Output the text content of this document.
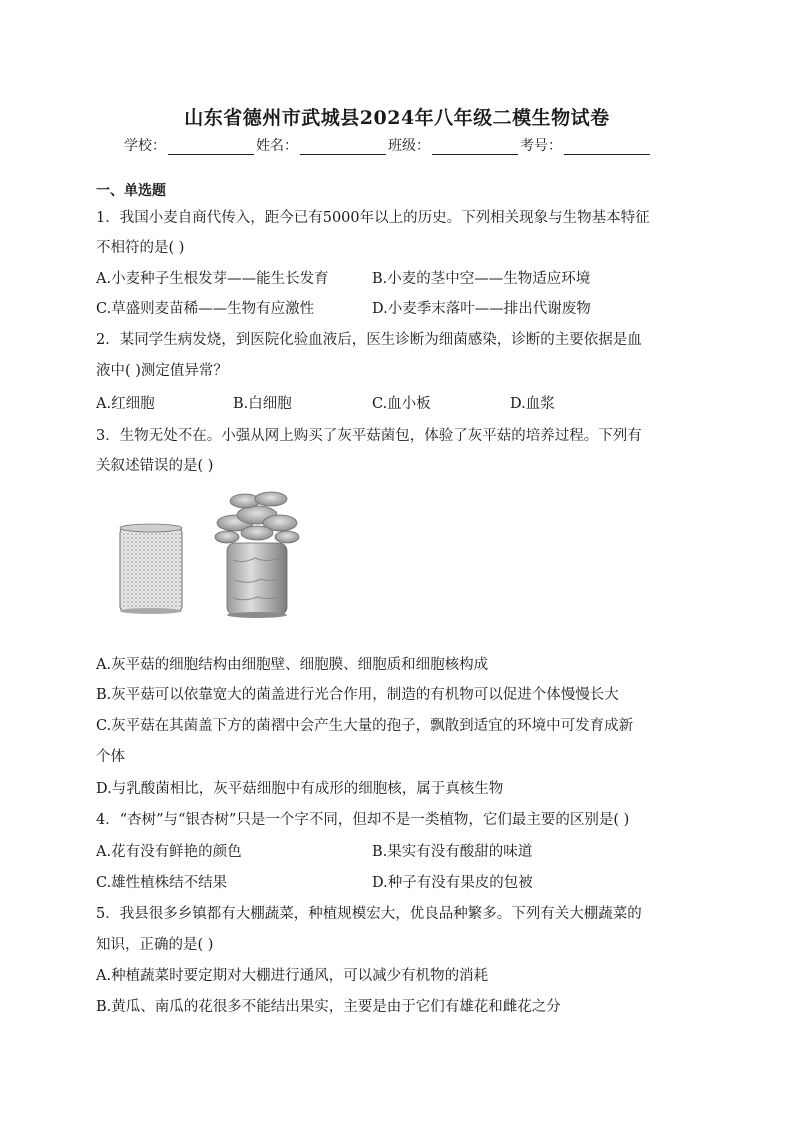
山东省德州市武城县2024年八年级二模生物试卷
学校：	姓名：	班级：	考号：
一、单选题
1．我国小麦自商代传入，距今已有5000年以上的历史。下列相关现象与生物基本特征
不相符的是( )
A.小麦种子生根发芽——能生长发育	B.小麦的茎中空——生物适应环境
C.草盛则麦苗稀——生物有应激性	D.小麦季末落叶——排出代谢废物
2．某同学生病发烧，到医院化验血液后，医生诊断为细菌感染，诊断的主要依据是血
液中( )测定值异常？
A.红细胞	B.白细胞	C.血小板	D.血浆
3．生物无处不在。小强从网上购买了灰平菇菌包，体验了灰平菇的培养过程。下列有
关叙述错误的是( )
A.灰平菇的细胞结构由细胞壁、细胞膜、细胞质和细胞核构成
B.灰平菇可以依靠宽大的菌盖进行光合作用，制造的有机物可以促进个体慢慢长大
C.灰平菇在其菌盖下方的菌褶中会产生大量的孢子，飘散到适宜的环境中可发育成新
个体
D.与乳酸菌相比，灰平菇细胞中有成形的细胞核，属于真核生物
4．“杏树”与“银杏树”只是一个字不同，但却不是一类植物，它们最主要的区别是( )
A.花有没有鲜艳的颜色	B.果实有没有酸甜的味道
C.雄性植株结不结果	D.种子有没有果皮的包被
5．我县很多乡镇都有大棚蔬菜，种植规模宏大，优良品种繁多。下列有关大棚蔬菜的
知识，正确的是( )
A.种植蔬菜时要定期对大棚进行通风，可以减少有机物的消耗
B.黄瓜、南瓜的花很多不能结出果实，主要是由于它们有雄花和雌花之分
